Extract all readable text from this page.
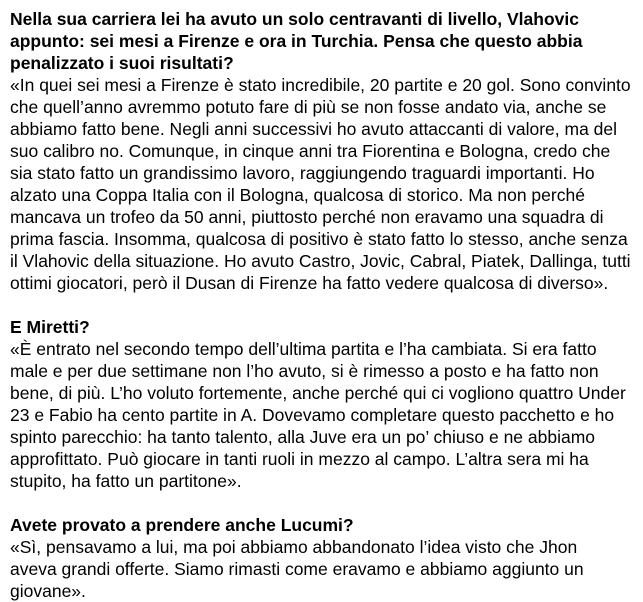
Nella sua carriera lei ha avuto un solo centravanti di livello, Vlahovic
appunto: sei mesi a Firenze e ora in Turchia. Pensa che questo abbia
penalizzato i suoi risultati?

«In quei sei mesi a Firenze è stato incredibile, 20 partite e 20 gol. Sono convinto
che quell’anno avremmo potuto fare di più se non fosse andato via, anche se
abbiamo fatto bene. Negli anni successivi ho avuto attaccanti di valore, ma del
suo calibro no. Comunque, in cinque anni tra Fiorentina e Bologna, credo che
sia stato fatto un grandissimo lavoro, raggiungendo traguardi importanti. Ho
alzato una Coppa Italia con il Bologna, qualcosa di storico. Ma non perché
mancava un trofeo da 50 anni, piuttosto perché non eravamo una squadra di
prima fascia. Insomma, qualcosa di positivo è stato fatto lo stesso, anche senza
il Vlahovic della situazione. Ho avuto Castro, Jovic, Cabral, Piatek, Dallinga, tutti
ottimi giocatori, però il Dusan di Firenze ha fatto vedere qualcosa di diverso».

E Miretti?

«È entrato nel secondo tempo dell’ultima partita e l’ha cambiata. Si era fatto
male e per due settimane non l’ho avuto, si è rimesso a posto e ha fatto non
bene, di più. L’ho voluto fortemente, anche perché qui ci vogliono quattro Under
23 e Fabio ha cento partite in A. Dovevamo completare questo pacchetto e ho
spinto parecchio: ha tanto talento, alla Juve era un po’ chiuso e ne abbiamo
approfittato. Può giocare in tanti ruoli in mezzo al campo. L’altra sera mi ha
stupito, ha fatto un partitone».

Avete provato a prendere anche Lucumi?

«Sì, pensavamo a lui, ma poi abbiamo abbandonato l’idea visto che Jhon
aveva grandi offerte. Siamo rimasti come eravamo e abbiamo aggiunto un
giovane».
